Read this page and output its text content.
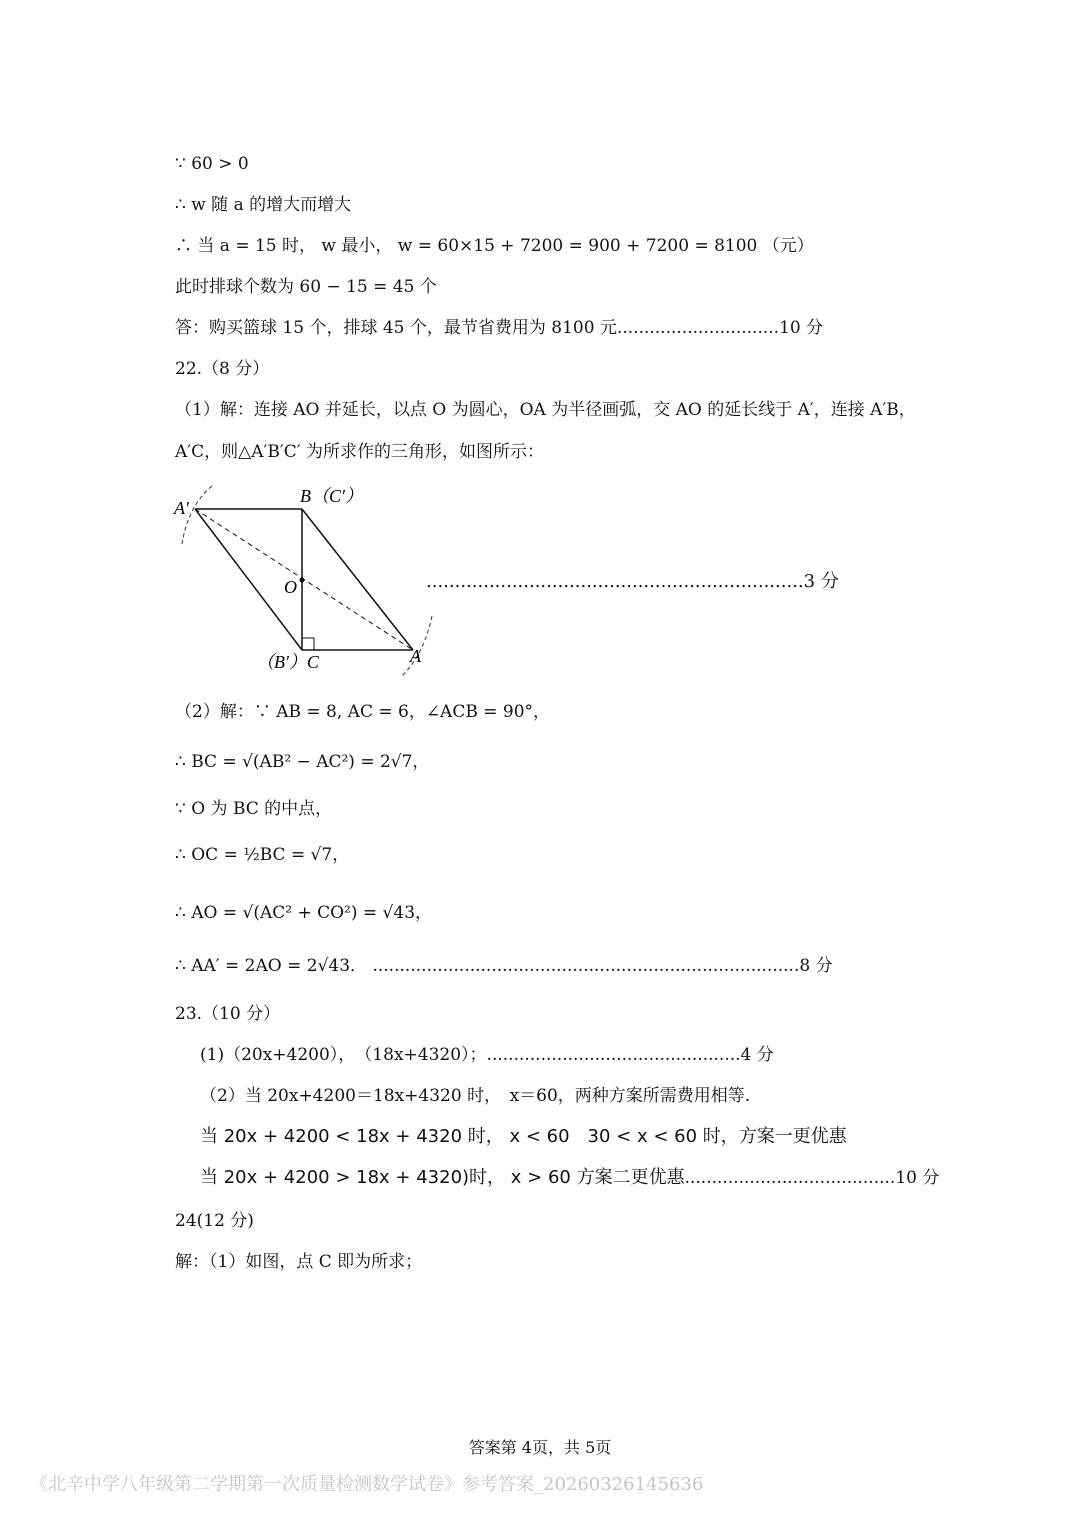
∵ 60 > 0
∴ w 随 a 的增大而增大
∴ 当 a = 15 时， w 最小， w = 60×15 + 7200 = 900 + 7200 = 8100 （元）
此时排球个数为 60 − 15 = 45 个
答：购买篮球 15 个，排球 45 个，最节省费用为 8100 元..............................10 分
22.（8 分）
（1）解：连接 AO 并延长，以点 O 为圆心，OA 为半径画弧，交 AO 的延长线于 A′，连接 A′B，
A′C，则△A′B′C′ 为所求作的三角形，如图所示：
A′
B（C′）
O
（B′）C	A
..................................................................3 分
（2）解：∵ AB = 8, AC = 6，∠ACB = 90°，
∴ BC = √(AB² − AC²) = 2√7，
∵ O 为 BC 的中点，
∴ OC = ½BC = √7，
∴ AO = √(AC² + CO²) = √43，
∴ AA′ = 2AO = 2√43． ...............................................................................8 分
23.（10 分）
(1)（20x+4200），　（18x+4320）；...............................................4 分
（2）当 20x+4200＝18x+4320 时，　x＝60，两种方案所需费用相等.
当 20x + 4200 < 18x + 4320 时， x < 60　30 < x < 60 时，方案一更优惠
当 20x + 4200 > 18x + 4320)时， x > 60 方案二更优惠.......................................10 分
24(12 分)
解：（1）如图，点 C 即为所求；
答案第 4页，共 5页
《北辛中学八年级第二学期第一次质量检测数学试卷》参考答案_20260326145636
